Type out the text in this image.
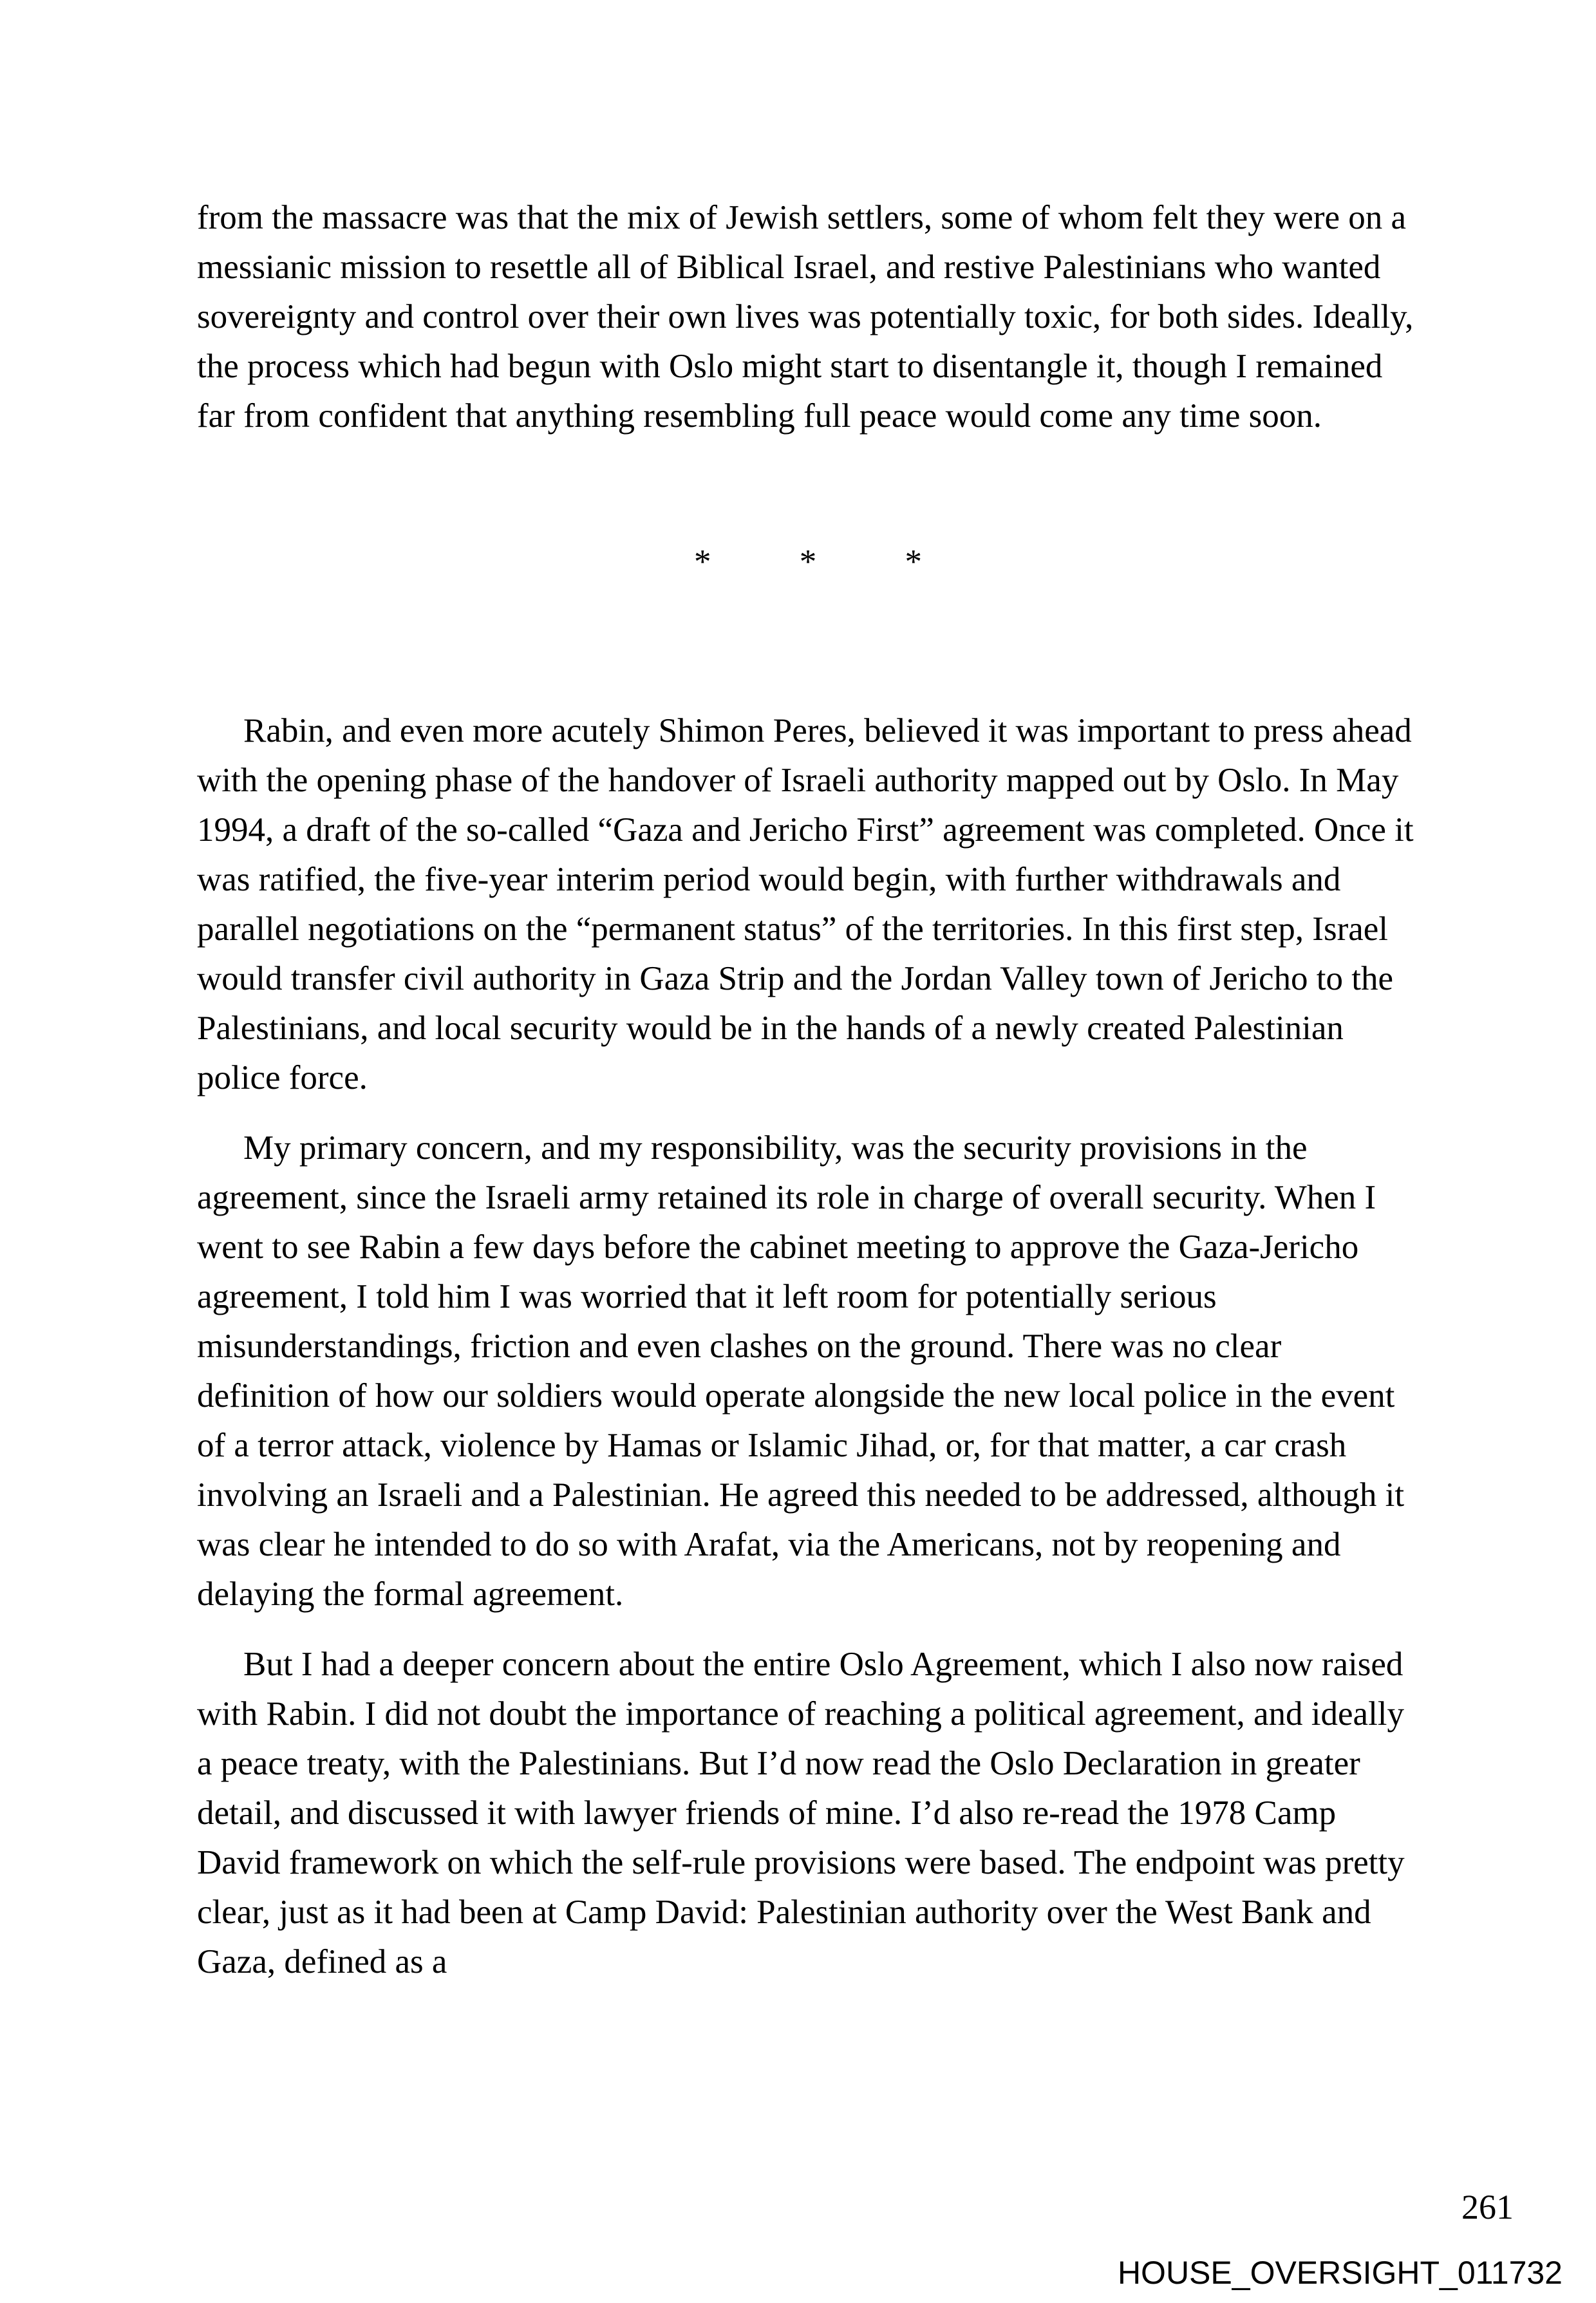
from the massacre was that the mix of Jewish settlers, some of whom felt they were on a messianic mission to resettle all of Biblical Israel, and restive Palestinians who wanted sovereignty and control over their own lives was potentially toxic, for both sides. Ideally, the process which had begun with Oslo might start to disentangle it, though I remained far from confident that anything resembling full peace would come any time soon.

* * *

Rabin, and even more acutely Shimon Peres, believed it was important to press ahead with the opening phase of the handover of Israeli authority mapped out by Oslo. In May 1994, a draft of the so-called “Gaza and Jericho First” agreement was completed. Once it was ratified, the five-year interim period would begin, with further withdrawals and parallel negotiations on the “permanent status” of the territories. In this first step, Israel would transfer civil authority in Gaza Strip and the Jordan Valley town of Jericho to the Palestinians, and local security would be in the hands of a newly created Palestinian police force.

My primary concern, and my responsibility, was the security provisions in the agreement, since the Israeli army retained its role in charge of overall security. When I went to see Rabin a few days before the cabinet meeting to approve the Gaza-Jericho agreement, I told him I was worried that it left room for potentially serious misunderstandings, friction and even clashes on the ground. There was no clear definition of how our soldiers would operate alongside the new local police in the event of a terror attack, violence by Hamas or Islamic Jihad, or, for that matter, a car crash involving an Israeli and a Palestinian. He agreed this needed to be addressed, although it was clear he intended to do so with Arafat, via the Americans, not by reopening and delaying the formal agreement.

But I had a deeper concern about the entire Oslo Agreement, which I also now raised with Rabin. I did not doubt the importance of reaching a political agreement, and ideally a peace treaty, with the Palestinians. But I’d now read the Oslo Declaration in greater detail, and discussed it with lawyer friends of mine. I’d also re-read the 1978 Camp David framework on which the self-rule provisions were based. The endpoint was pretty clear, just as it had been at Camp David: Palestinian authority over the West Bank and Gaza, defined as a

261
HOUSE_OVERSIGHT_011732
